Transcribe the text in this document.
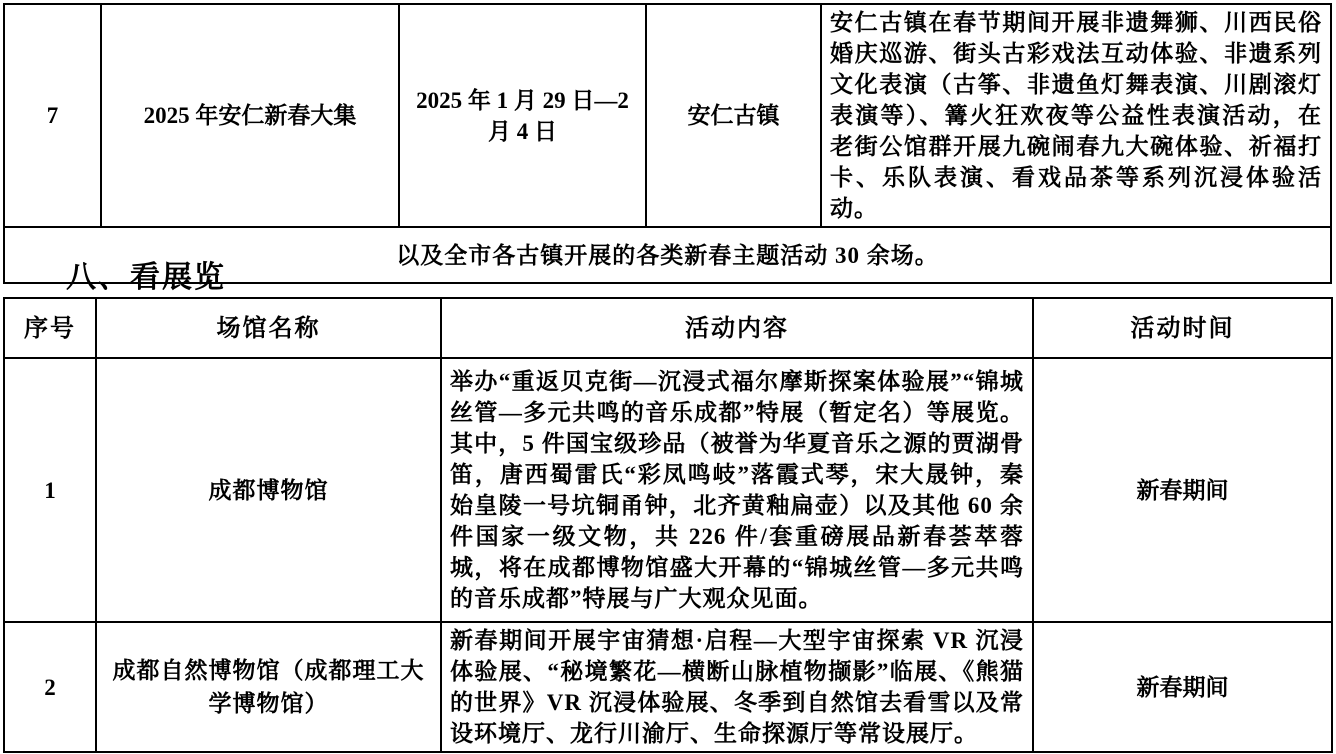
7	2025 年安仁新春大集	2025 年 1 月 29 日—2 月 4 日	安仁古镇	安仁古镇在春节期间开展非遗舞狮、川西民俗婚庆巡游、街头古彩戏法互动体验、非遗系列文化表演（古筝、非遗鱼灯舞表演、川剧滚灯表演等）、篝火狂欢夜等公益性表演活动，在老街公馆群开展九碗闹春九大碗体验、祈福打卡、乐队表演、看戏品茶等系列沉浸体验活动。
以及全市各古镇开展的各类新春主题活动 30 余场。
八、看展览
序号	场馆名称	活动内容	活动时间
1	成都博物馆	举办“重返贝克街—沉浸式福尔摩斯探案体验展”“锦城丝管—多元共鸣的音乐成都”特展（暂定名）等展览。其中，5 件国宝级珍品（被誉为华夏音乐之源的贾湖骨笛，唐西蜀雷氏“彩凤鸣岐”落霞式琴，宋大晟钟，秦始皇陵一号坑铜甬钟，北齐黄釉扁壶）以及其他 60 余件国家一级文物，共 226 件/套重磅展品新春荟萃蓉城，将在成都博物馆盛大开幕的“锦城丝管—多元共鸣的音乐成都”特展与广大观众见面。	新春期间
2	成都自然博物馆（成都理工大学博物馆）	新春期间开展宇宙猜想·启程—大型宇宙探索 VR 沉浸体验展、“秘境繁花—横断山脉植物撷影”临展、《熊猫的世界》VR 沉浸体验展、冬季到自然馆去看雪以及常设环境厅、龙行川渝厅、生命探源厅等常设展厅。	新春期间
